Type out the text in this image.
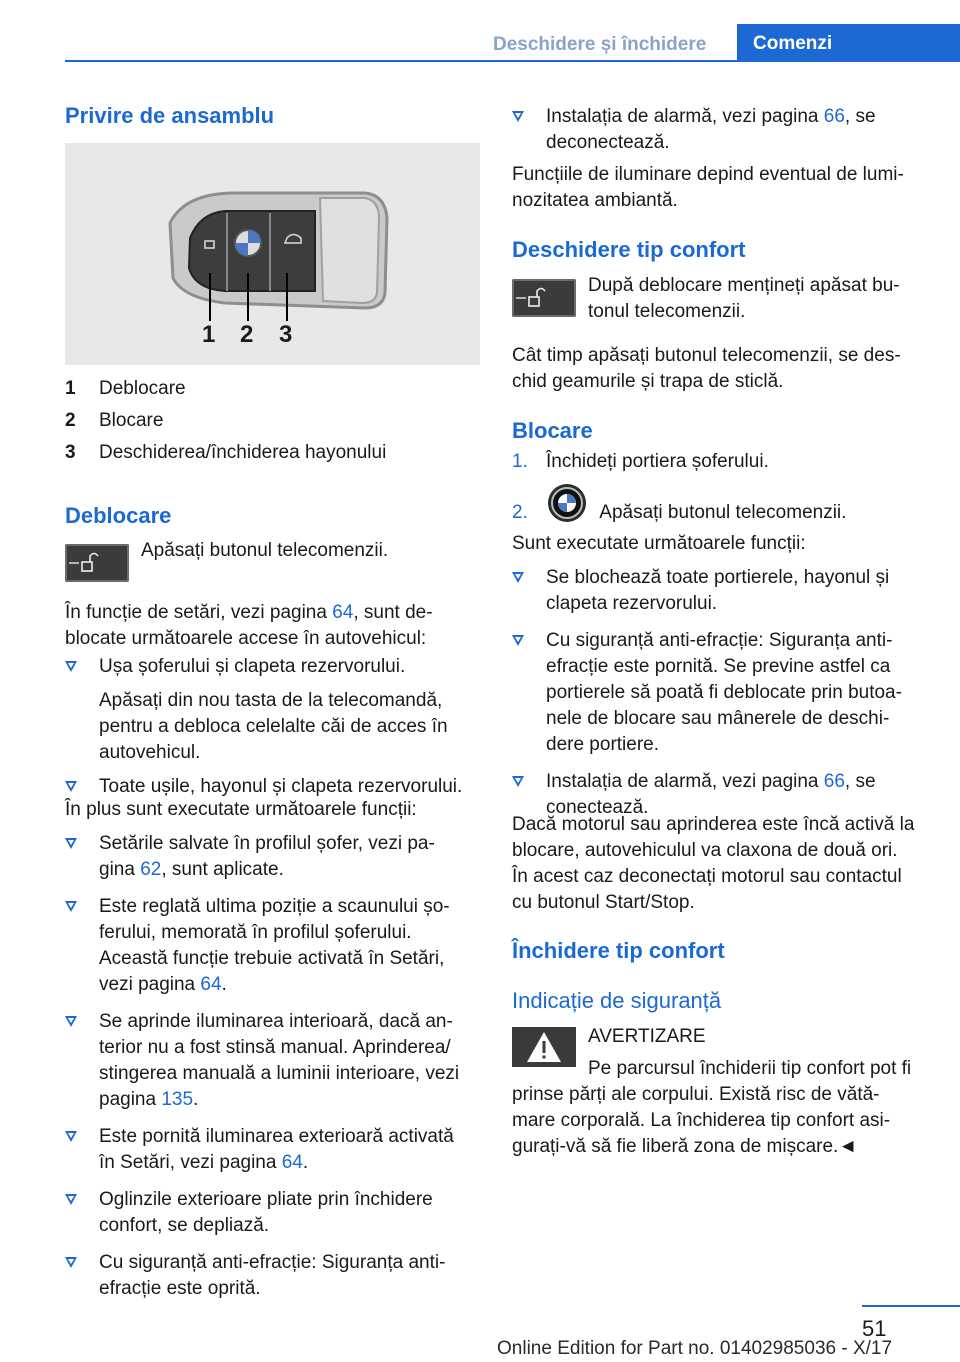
Deschidere și închidere	Comenzi
Privire de ansamblu
1 2 3
1 Deblocare
2 Blocare
3 Deschiderea/închiderea hayonului
Deblocare

Apăsați butonul telecomenzii.

În funcție de setări, vezi pagina 64, sunt de-
blocate următoarele accese în autovehicul:

Ușa șoferului și clapeta rezervorului.
Apăsați din nou tasta de la telecomandă,
pentru a debloca celelalte căi de acces în
autovehicul.
Toate ușile, hayonul și clapeta rezervorului.

În plus sunt executate următoarele funcții:

Setările salvate în profilul șofer, vezi pa-
gina 62, sunt aplicate.
Este reglată ultima poziție a scaunului șo-
ferului, memorată în profilul șoferului.
Această funcție trebuie activată în Setări,
vezi pagina 64.
Se aprinde iluminarea interioară, dacă an-
terior nu a fost stinsă manual. Aprinderea/
stingerea manuală a luminii interioare, vezi
pagina 135.
Este pornită iluminarea exterioară activată
în Setări, vezi pagina 64.
Oglinzile exterioare pliate prin închidere
confort, se depliază.
Cu siguranță anti-efracție: Siguranța anti-
efracție este oprită.
Instalația de alarmă, vezi pagina 66, se
deconectează.

Funcțiile de iluminare depind eventual de lumi-
nozitatea ambiantă.

Deschidere tip confort

După deblocare mențineți apăsat bu-
tonul telecomenzii.

Cât timp apăsați butonul telecomenzii, se des-
chid geamurile și trapa de sticlă.

Blocare
1. Închideți portiera șoferului.
2.	Apăsați butonul telecomenzii.

Sunt executate următoarele funcții:

Se blochează toate portierele, hayonul și
clapeta rezervorului.
Cu siguranță anti-efracție: Siguranța anti-
efracție este pornită. Se previne astfel ca
portierele să poată fi deblocate prin butoa-
nele de blocare sau mânerele de deschi-
dere portiere.
Instalația de alarmă, vezi pagina 66, se
conectează.

Dacă motorul sau aprinderea este încă activă la
blocare, autovehiculul va claxona de două ori.
În acest caz deconectați motorul sau contactul
cu butonul Start/Stop.

Închidere tip confort
Indicație de siguranță

AVERTIZARE

Pe parcursul închiderii tip confort pot fi

prinse părți ale corpului. Există risc de vătă-
mare corporală. La închiderea tip confort asi-
gurați-vă să fie liberă zona de mișcare.◄

51
Online Edition for Part no. 01402985036 - X/17
